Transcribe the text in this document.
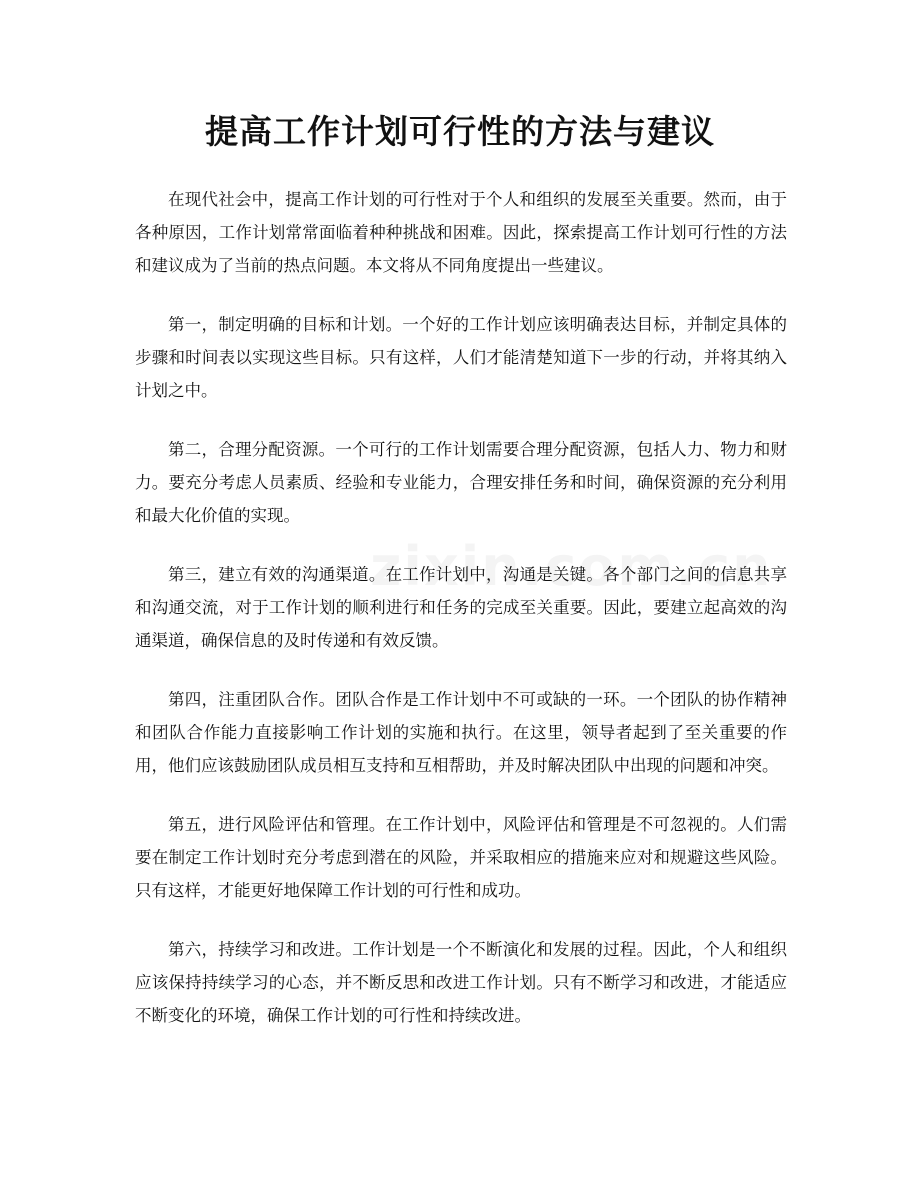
提高工作计划可行性的方法与建议

在现代社会中，提高工作计划的可行性对于个人和组织的发展至关重要。然而，由于各种原因，工作计划常常面临着种种挑战和困难。因此，探索提高工作计划可行性的方法和建议成为了当前的热点问题。本文将从不同角度提出一些建议。

第一，制定明确的目标和计划。一个好的工作计划应该明确表达目标，并制定具体的步骤和时间表以实现这些目标。只有这样，人们才能清楚知道下一步的行动，并将其纳入计划之中。

第二，合理分配资源。一个可行的工作计划需要合理分配资源，包括人力、物力和财力。要充分考虑人员素质、经验和专业能力，合理安排任务和时间，确保资源的充分利用和最大化价值的实现。

第三，建立有效的沟通渠道。在工作计划中，沟通是关键。各个部门之间的信息共享和沟通交流，对于工作计划的顺利进行和任务的完成至关重要。因此，要建立起高效的沟通渠道，确保信息的及时传递和有效反馈。

第四，注重团队合作。团队合作是工作计划中不可或缺的一环。一个团队的协作精神和团队合作能力直接影响工作计划的实施和执行。在这里，领导者起到了至关重要的作用，他们应该鼓励团队成员相互支持和互相帮助，并及时解决团队中出现的问题和冲突。

第五，进行风险评估和管理。在工作计划中，风险评估和管理是不可忽视的。人们需要在制定工作计划时充分考虑到潜在的风险，并采取相应的措施来应对和规避这些风险。只有这样，才能更好地保障工作计划的可行性和成功。

第六，持续学习和改进。工作计划是一个不断演化和发展的过程。因此，个人和组织应该保持持续学习的心态，并不断反思和改进工作计划。只有不断学习和改进，才能适应不断变化的环境，确保工作计划的可行性和持续改进。
